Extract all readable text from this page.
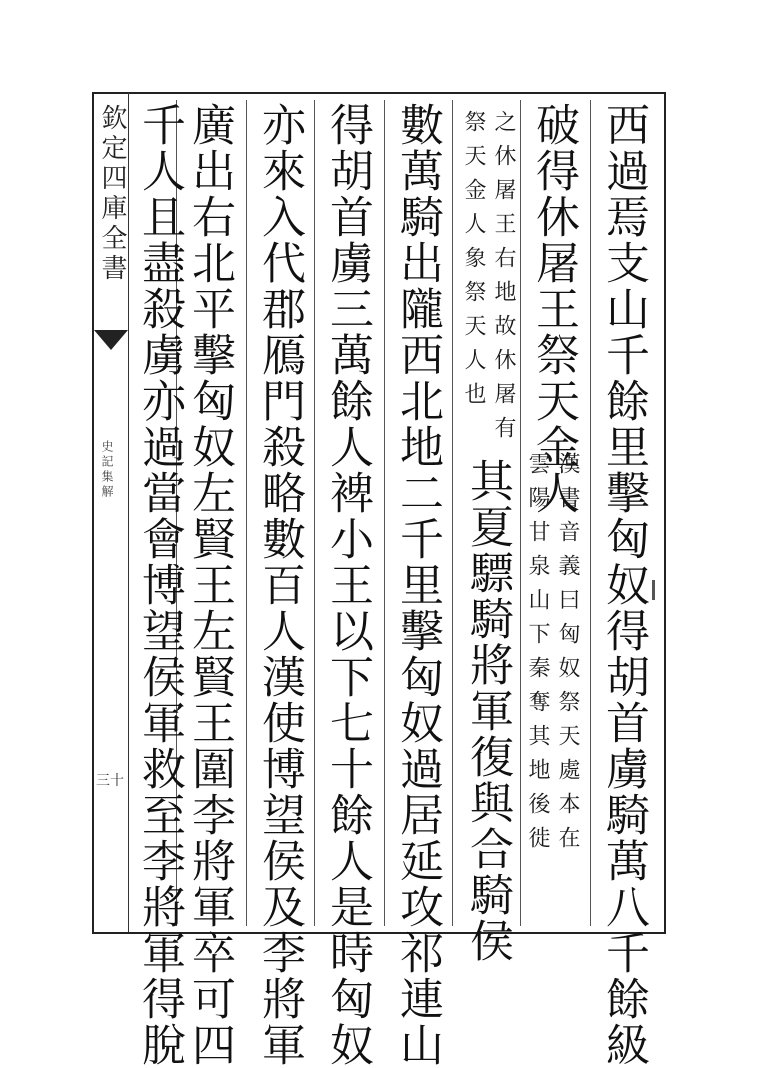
欽定四庫全書
史記集解
三十	西過焉支山千餘里擊匈奴得胡首虜騎萬八千餘級
破得休屠王祭天金人
漢書音義曰匈奴祭天處本在
雲陽甘泉山下秦奪其地後徙
之休屠王右地故休屠有
祭天金人象祭天人也
其夏驃騎將軍復與合騎侯
數萬騎出隴西北地二千里擊匈奴過居延攻祁連山
得胡首虜三萬餘人裨小王以下七十餘人是時匈奴
亦來入代郡鴈門殺略數百人漢使博望侯及李將軍
廣出右北平擊匈奴左賢王左賢王圍李將軍卒可四
千人且盡殺虜亦過當會博望侯軍救至李將軍得脫
